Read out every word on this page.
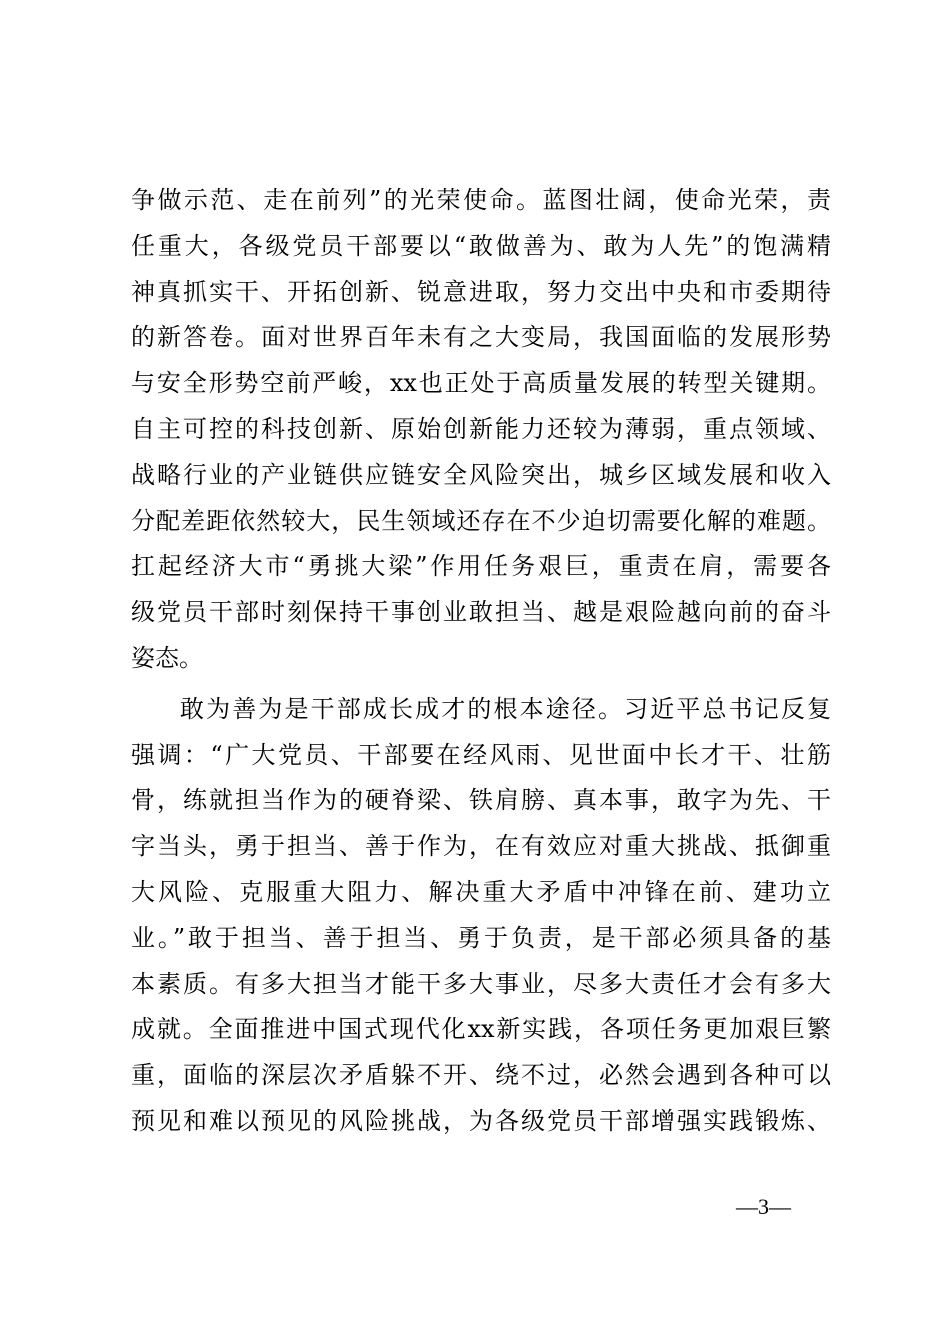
争做示范、走在前列”的光荣使命。蓝图壮阔，使命光荣，责
任重大，各级党员干部要以“敢做善为、敢为人先”的饱满精
神真抓实干、开拓创新、锐意进取，努力交出中央和市委期待
的新答卷。面对世界百年未有之大变局，我国面临的发展形势
与安全形势空前严峻，xx也正处于高质量发展的转型关键期。
自主可控的科技创新、原始创新能力还较为薄弱，重点领域、
战略行业的产业链供应链安全风险突出，城乡区域发展和收入
分配差距依然较大，民生领域还存在不少迫切需要化解的难题。
扛起经济大市“勇挑大梁”作用任务艰巨，重责在肩，需要各
级党员干部时刻保持干事创业敢担当、越是艰险越向前的奋斗
姿态。
敢为善为是干部成长成才的根本途径。习近平总书记反复
强调：“广大党员、干部要在经风雨、见世面中长才干、壮筋
骨，练就担当作为的硬脊梁、铁肩膀、真本事，敢字为先、干
字当头，勇于担当、善于作为，在有效应对重大挑战、抵御重
大风险、克服重大阻力、解决重大矛盾中冲锋在前、建功立
业。”敢于担当、善于担当、勇于负责，是干部必须具备的基
本素质。有多大担当才能干多大事业，尽多大责任才会有多大
成就。全面推进中国式现代化xx新实践，各项任务更加艰巨繁
重，面临的深层次矛盾躲不开、绕不过，必然会遇到各种可以
预见和难以预见的风险挑战，为各级党员干部增强实践锻炼、
—3—
